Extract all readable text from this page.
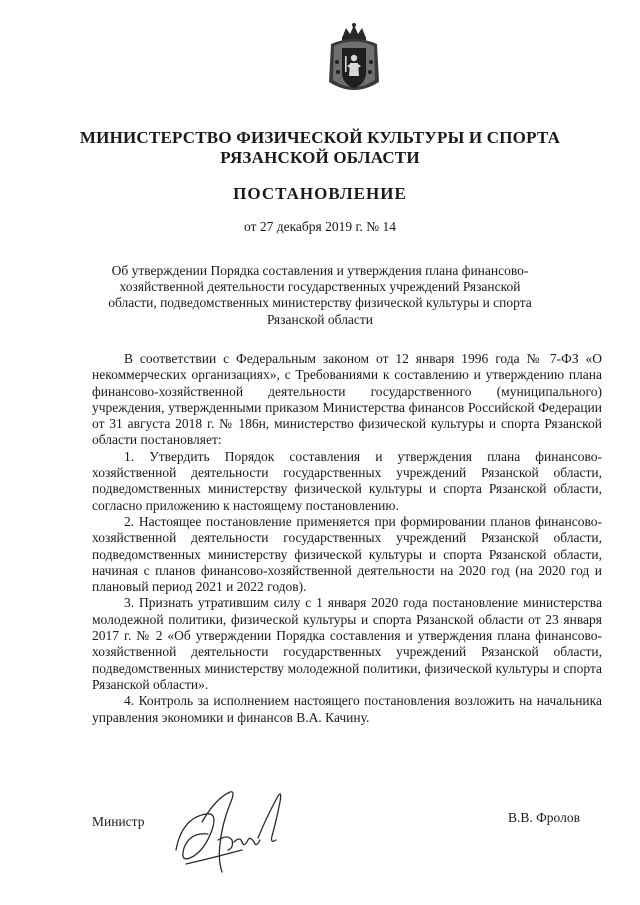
МИНИСТЕРСТВО ФИЗИЧЕСКОЙ КУЛЬТУРЫ И СПОРТА
РЯЗАНСКОЙ ОБЛАСТИ
ПОСТАНОВЛЕНИЕ
от 27 декабря 2019 г. № 14
Об утверждении Порядка составления и утверждения плана финансово-хозяйственной деятельности государственных учреждений Рязанской области, подведомственных министерству физической культуры и спорта Рязанской области

В соответствии с Федеральным законом от 12 января 1996 года № 7-ФЗ «О некоммерческих организациях», с Требованиями к составлению и утверждению плана финансово-хозяйственной деятельности государственного (муниципального) учреждения, утвержденными приказом Министерства финансов Российской Федерации от 31 августа 2018 г. № 186н, министерство физической культуры и спорта Рязанской области постановляет:

1. Утвердить Порядок составления и утверждения плана финансово-хозяйственной деятельности государственных учреждений Рязанской области, подведомственных министерству физической культуры и спорта Рязанской области, согласно приложению к настоящему постановлению.

2. Настоящее постановление применяется при формировании планов финансово-хозяйственной деятельности государственных учреждений Рязанской области, подведомственных министерству физической культуры и спорта Рязанской области, начиная с планов финансово-хозяйственной деятельности на 2020 год (на 2020 год и плановый период 2021 и 2022 годов).

3. Признать утратившим силу с 1 января 2020 года постановление министерства молодежной политики, физической культуры и спорта Рязанской области от 23 января 2017 г. № 2 «Об утверждении Порядка составления и утверждения плана финансово-хозяйственной деятельности государственных учреждений Рязанской области, подведомственных министерству молодежной политики, физической культуры и спорта Рязанской области».

4. Контроль за исполнением настоящего постановления возложить на начальника управления экономики и финансов В.А. Качину.

Министр	В.В. Фролов
